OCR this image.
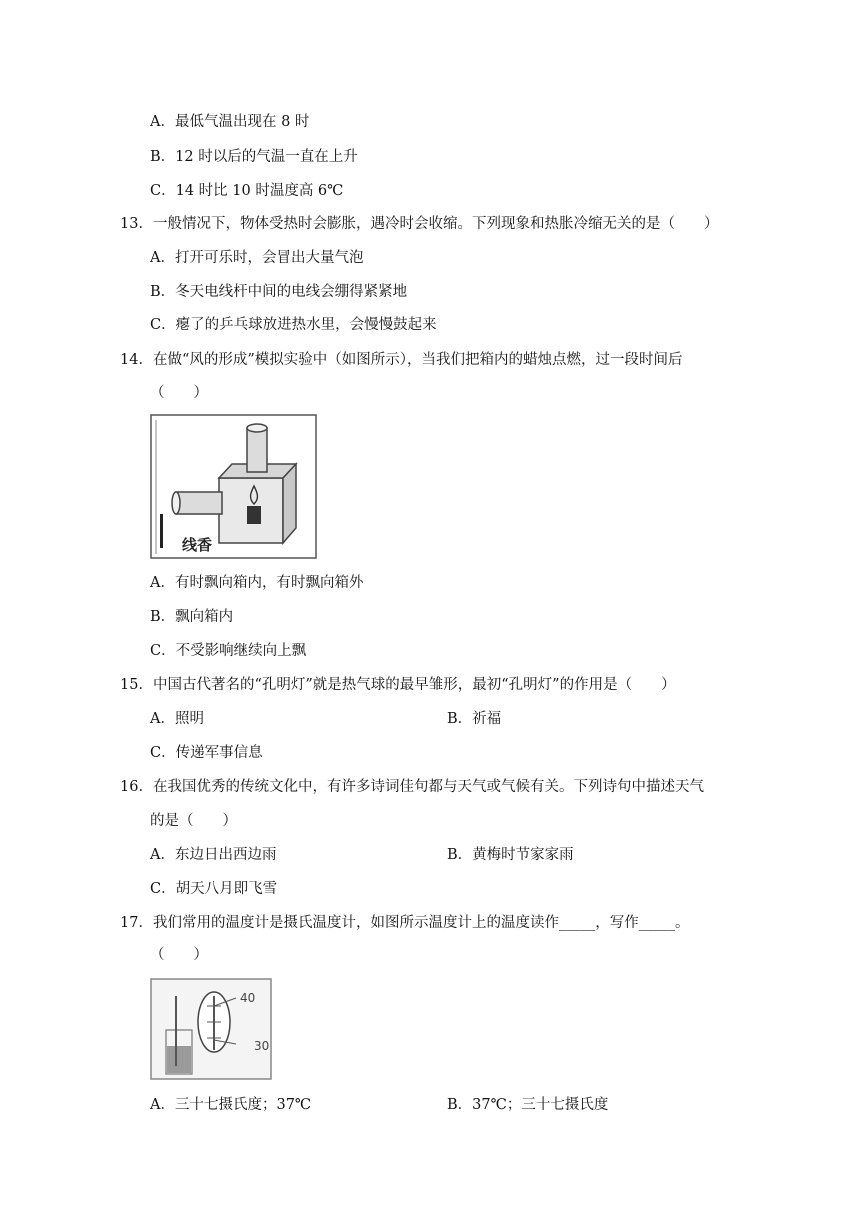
A．最低气温出现在 8 时
B．12 时以后的气温一直在上升
C．14 时比 10 时温度高 6℃
13．一般情况下，物体受热时会膨胀，遇冷时会收缩。下列现象和热胀冷缩无关的是（　　）
A．打开可乐时，会冒出大量气泡
B．冬天电线杆中间的电线会绷得紧紧地
C．瘪了的乒乓球放进热水里，会慢慢鼓起来
14．在做“风的形成”模拟实验中（如图所示），当我们把箱内的蜡烛点燃，过一段时间后
（　　）
线香
A．有时飘向箱内，有时飘向箱外
B．飘向箱内
C．不受影响继续向上飘
15．中国古代著名的“孔明灯”就是热气球的最早雏形，最初“孔明灯”的作用是（　　）
A．照明	B．祈福
C．传递军事信息
16．在我国优秀的传统文化中，有许多诗词佳句都与天气或气候有关。下列诗句中描述天气
的是（　　）
A．东边日出西边雨	B．黄梅时节家家雨
C．胡天八月即飞雪
17．我们常用的温度计是摄氏温度计，如图所示温度计上的温度读作_____，写作_____。
（　　）
40
30
A．三十七摄氏度；37℃	B．37℃；三十七摄氏度
